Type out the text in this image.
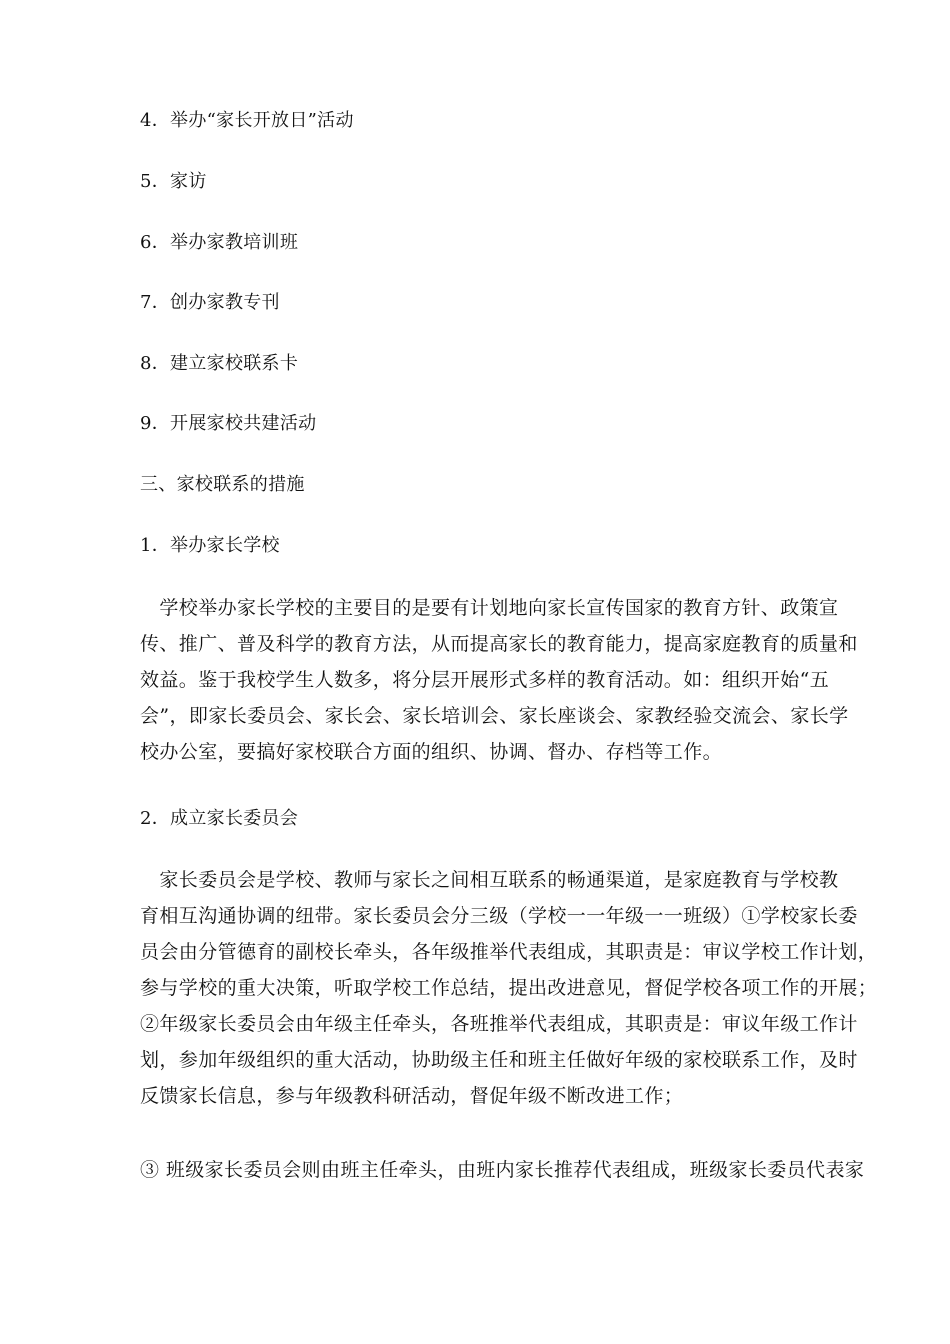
4．举办“家长开放日”活动
5．家访
6．举办家教培训班
7．创办家教专刊
8．建立家校联系卡
9．开展家校共建活动
三、家校联系的措施
1．举办家长学校
　学校举办家长学校的主要目的是要有计划地向家长宣传国家的教育方针、政策宣
传、推广、普及科学的教育方法，从而提高家长的教育能力，提高家庭教育的质量和
效益。鉴于我校学生人数多，将分层开展形式多样的教育活动。如：组织开始“五
会”，即家长委员会、家长会、家长培训会、家长座谈会、家教经验交流会、家长学
校办公室，要搞好家校联合方面的组织、协调、督办、存档等工作。
2．成立家长委员会
　家长委员会是学校、教师与家长之间相互联系的畅通渠道，是家庭教育与学校教
育相互沟通协调的纽带。家长委员会分三级（学校一一年级一一班级）①学校家长委
员会由分管德育的副校长牵头，各年级推举代表组成，其职责是：审议学校工作计划，
参与学校的重大决策，听取学校工作总结，提出改进意见，督促学校各项工作的开展；
②年级家长委员会由年级主任牵头，各班推举代表组成，其职责是：审议年级工作计
划，参加年级组织的重大活动，协助级主任和班主任做好年级的家校联系工作，及时
反馈家长信息，参与年级教科研活动，督促年级不断改进工作；
③ 班级家长委员会则由班主任牵头，由班内家长推荐代表组成，班级家长委员代表家
